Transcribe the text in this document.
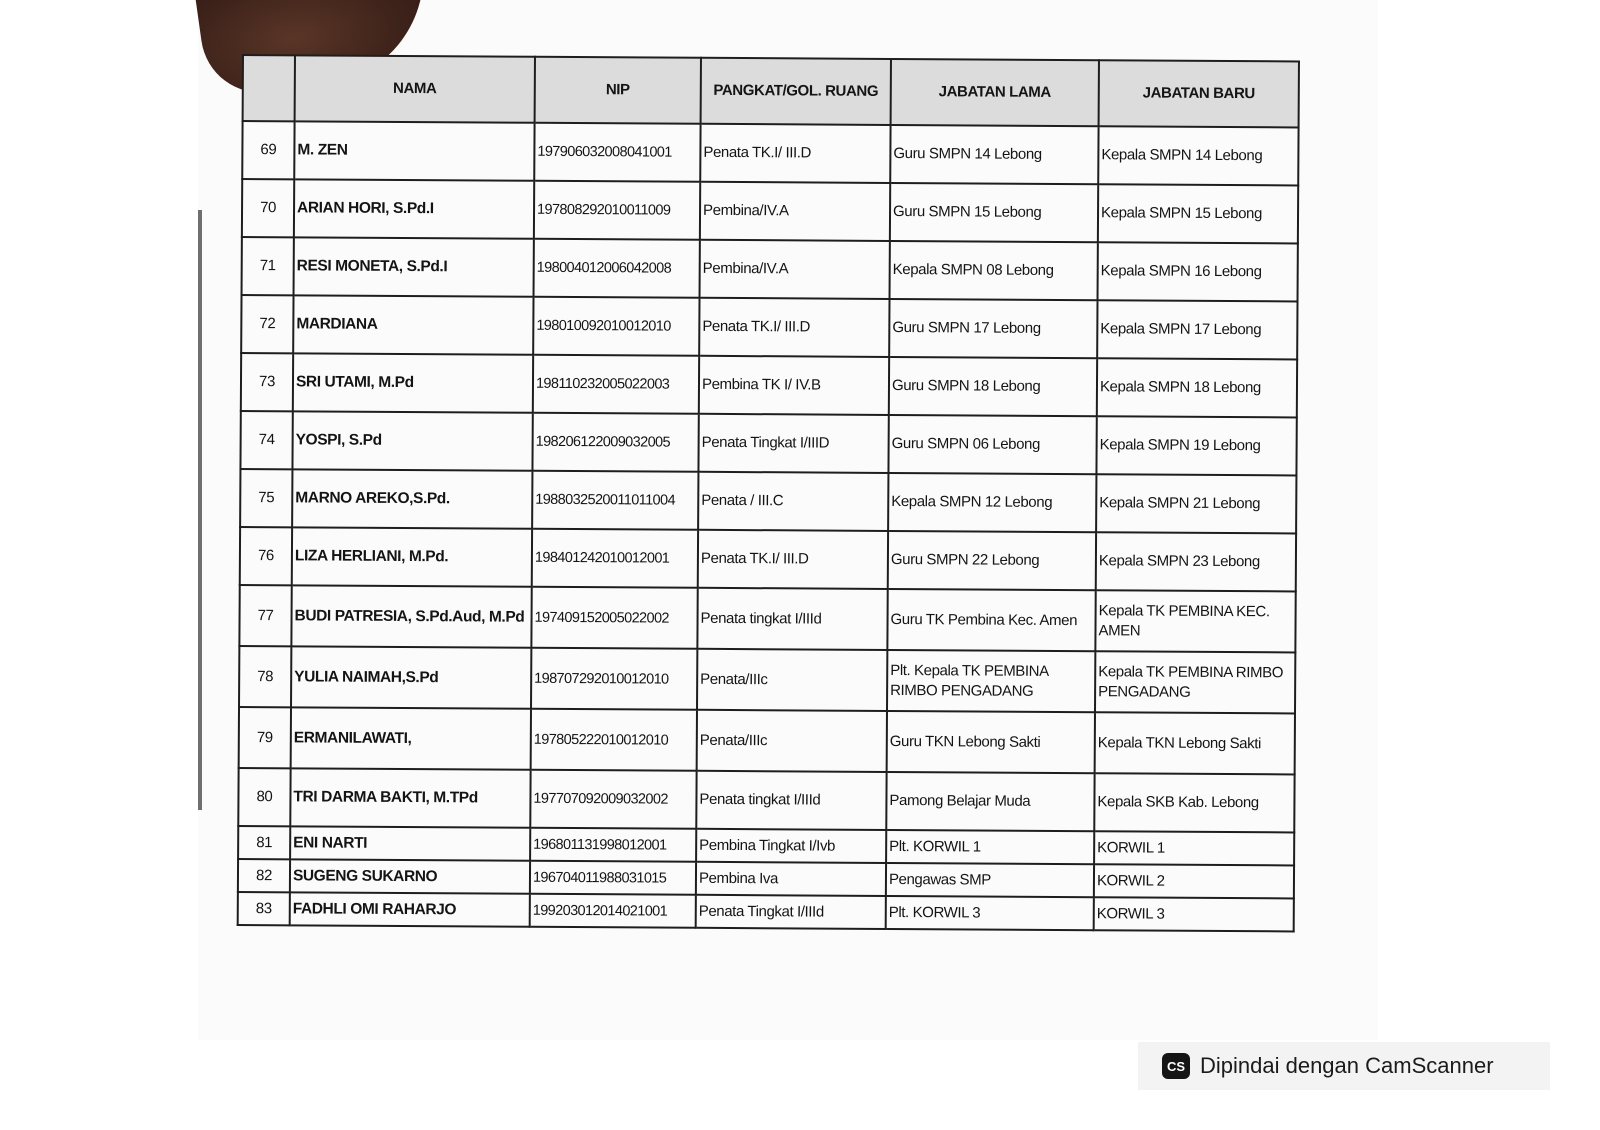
	NAMA	NIP	PANGKAT/GOL. RUANG	JABATAN LAMA	JABATAN BARU
69	M. ZEN	197906032008041001	Penata TK.I/ III.D	Guru SMPN 14 Lebong	Kepala SMPN 14 Lebong
70	ARIAN HORI, S.Pd.I	197808292010011009	Pembina/IV.A	Guru SMPN 15 Lebong	Kepala SMPN 15 Lebong
71	RESI MONETA, S.Pd.I	198004012006042008	Pembina/IV.A	Kepala SMPN 08 Lebong	Kepala SMPN 16 Lebong
72	MARDIANA	198010092010012010	Penata TK.I/ III.D	Guru SMPN 17 Lebong	Kepala SMPN 17 Lebong
73	SRI UTAMI, M.Pd	198110232005022003	Pembina TK I/ IV.B	Guru SMPN 18 Lebong	Kepala SMPN 18 Lebong
74	YOSPI, S.Pd	198206122009032005	Penata Tingkat I/IIID	Guru SMPN 06 Lebong	Kepala SMPN 19 Lebong
75	MARNO AREKO,S.Pd.	1988032520011011004	Penata / III.C	Kepala SMPN 12 Lebong	Kepala SMPN 21 Lebong
76	LIZA HERLIANI, M.Pd.	198401242010012001	Penata TK.I/ III.D	Guru SMPN 22 Lebong	Kepala SMPN 23 Lebong
77	BUDI PATRESIA, S.Pd.Aud, M.Pd	197409152005022002	Penata tingkat I/IIId	Guru TK Pembina Kec. Amen	Kepala TK PEMBINA KEC. AMEN
78	YULIA NAIMAH,S.Pd	198707292010012010	Penata/IIIc	Plt. Kepala TK PEMBINA RIMBO PENGADANG	Kepala TK PEMBINA RIMBO PENGADANG
79	ERMANILAWATI,	197805222010012010	Penata/IIIc	Guru TKN Lebong Sakti	Kepala TKN Lebong Sakti
80	TRI DARMA BAKTI, M.TPd	197707092009032002	Penata tingkat I/IIId	Pamong Belajar Muda	Kepala SKB Kab. Lebong
81	ENI NARTI	196801131998012001	Pembina Tingkat I/Ivb	Plt. KORWIL 1	KORWIL 1
82	SUGENG SUKARNO	196704011988031015	Pembina Iva	Pengawas SMP	KORWIL 2
83	FADHLI OMI RAHARJO	199203012014021001	Penata Tingkat I/IIId	Plt. KORWIL 3	KORWIL 3
CS Dipindai dengan CamScanner
